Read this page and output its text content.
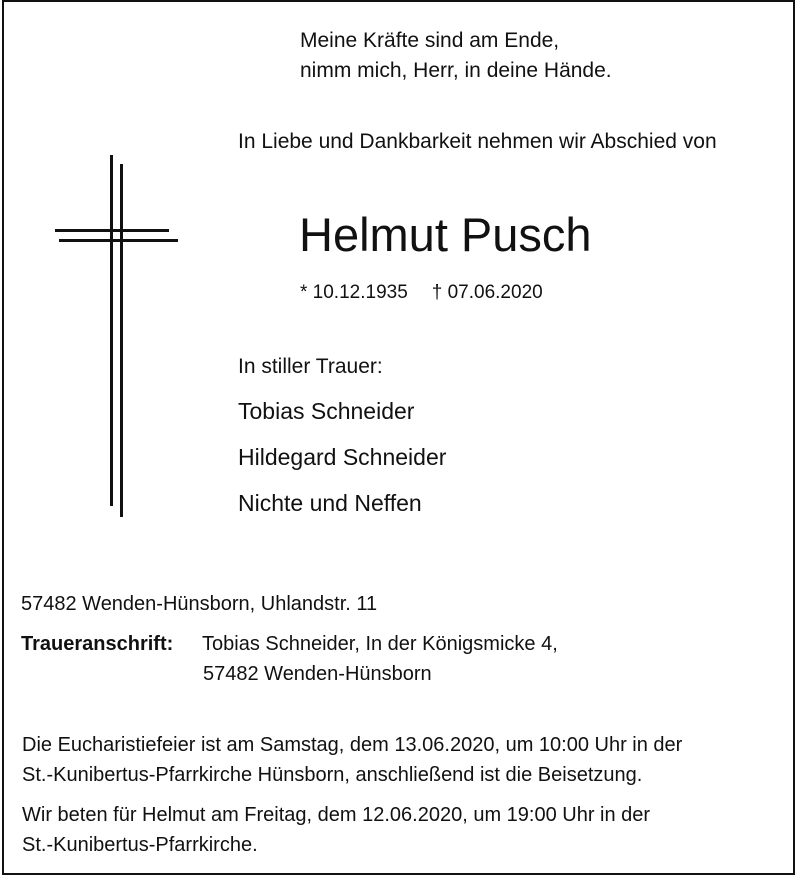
Meine Kräfte sind am Ende,
nimm mich, Herr, in deine Hände.
In Liebe und Dankbarkeit nehmen wir Abschied von
Helmut Pusch
* 10.12.1935 † 07.06.2020
In stiller Trauer:
Tobias Schneider
Hildegard Schneider
Nichte und Neffen
57482 Wenden-Hünsborn, Uhlandstr. 11
Traueranschrift: Tobias Schneider, In der Königsmicke 4,
57482 Wenden-Hünsborn
Die Eucharistiefeier ist am Samstag, dem 13.06.2020, um 10:00 Uhr in der
St.-Kunibertus-Pfarrkirche Hünsborn, anschließend ist die Beisetzung.
Wir beten für Helmut am Freitag, dem 12.06.2020, um 19:00 Uhr in der
St.-Kunibertus-Pfarrkirche.
